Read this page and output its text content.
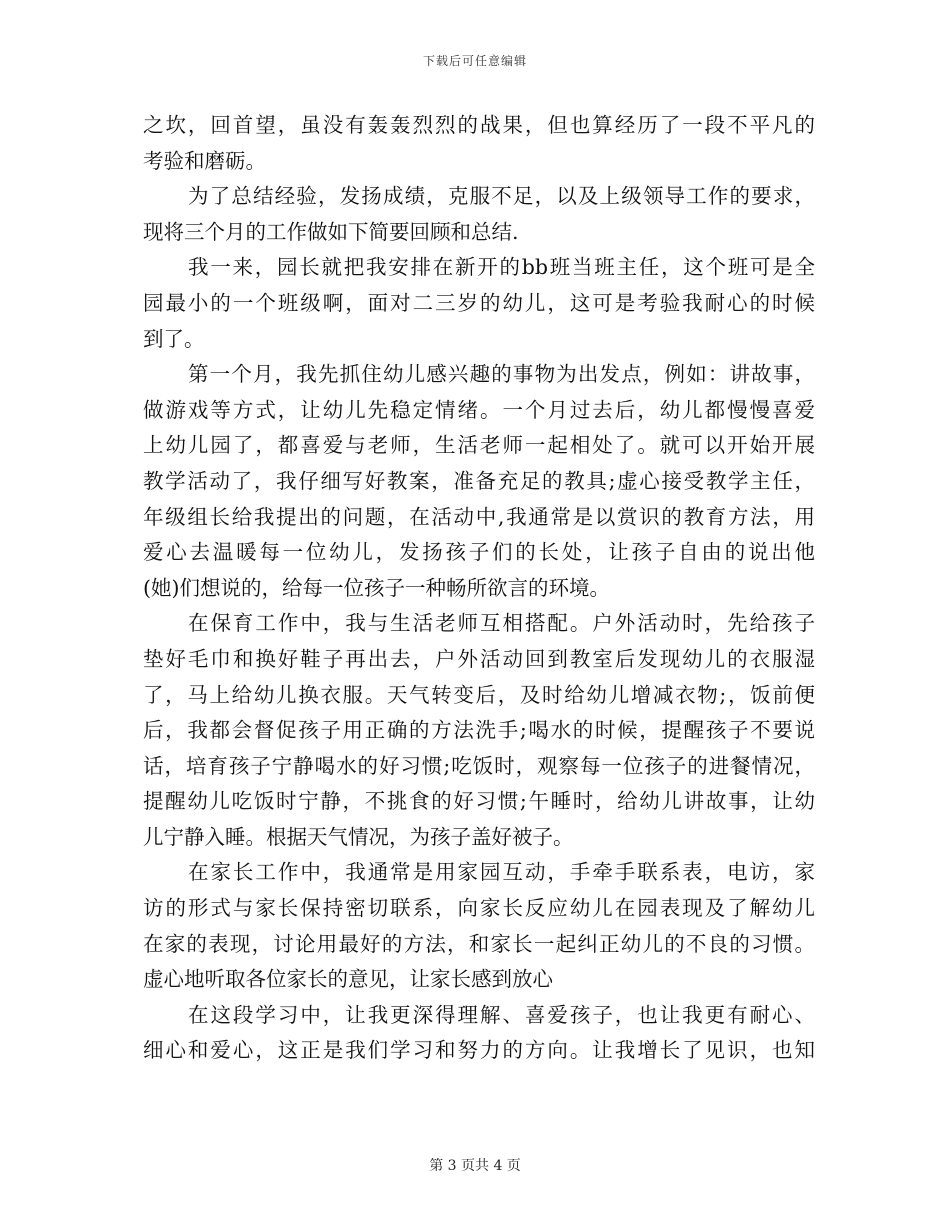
下载后可任意编辑
之坎，回首望，虽没有轰轰烈烈的战果，但也算经历了一段不平凡的
考验和磨砺。
为了总结经验，发扬成绩，克服不足，以及上级领导工作的要求，
现将三个月的工作做如下简要回顾和总结.
我一来，园长就把我安排在新开的bb班当班主任，这个班可是全
园最小的一个班级啊，面对二三岁的幼儿，这可是考验我耐心的时候
到了。
第一个月，我先抓住幼儿感兴趣的事物为出发点，例如：讲故事，
做游戏等方式，让幼儿先稳定情绪。一个月过去后，幼儿都慢慢喜爱
上幼儿园了，都喜爱与老师，生活老师一起相处了。就可以开始开展
教学活动了，我仔细写好教案，准备充足的教具;虚心接受教学主任，
年级组长给我提出的问题，在活动中,我通常是以赏识的教育方法，用
爱心去温暖每一位幼儿，发扬孩子们的长处，让孩子自由的说出他
(她)们想说的，给每一位孩子一种畅所欲言的环境。
在保育工作中，我与生活老师互相搭配。户外活动时，先给孩子
垫好毛巾和换好鞋子再出去，户外活动回到教室后发现幼儿的衣服湿
了，马上给幼儿换衣服。天气转变后，及时给幼儿增减衣物;，饭前便
后，我都会督促孩子用正确的方法洗手;喝水的时候，提醒孩子不要说
话，培育孩子宁静喝水的好习惯;吃饭时，观察每一位孩子的进餐情况，
提醒幼儿吃饭时宁静，不挑食的好习惯;午睡时，给幼儿讲故事，让幼
儿宁静入睡。根据天气情况，为孩子盖好被子。
在家长工作中，我通常是用家园互动，手牵手联系表，电访，家
访的形式与家长保持密切联系，向家长反应幼儿在园表现及了解幼儿
在家的表现，讨论用最好的方法，和家长一起纠正幼儿的不良的习惯。
虚心地听取各位家长的意见，让家长感到放心
在这段学习中，让我更深得理解、喜爱孩子，也让我更有耐心、
细心和爱心，这正是我们学习和努力的方向。让我增长了见识，也知
第 3 页共 4 页
